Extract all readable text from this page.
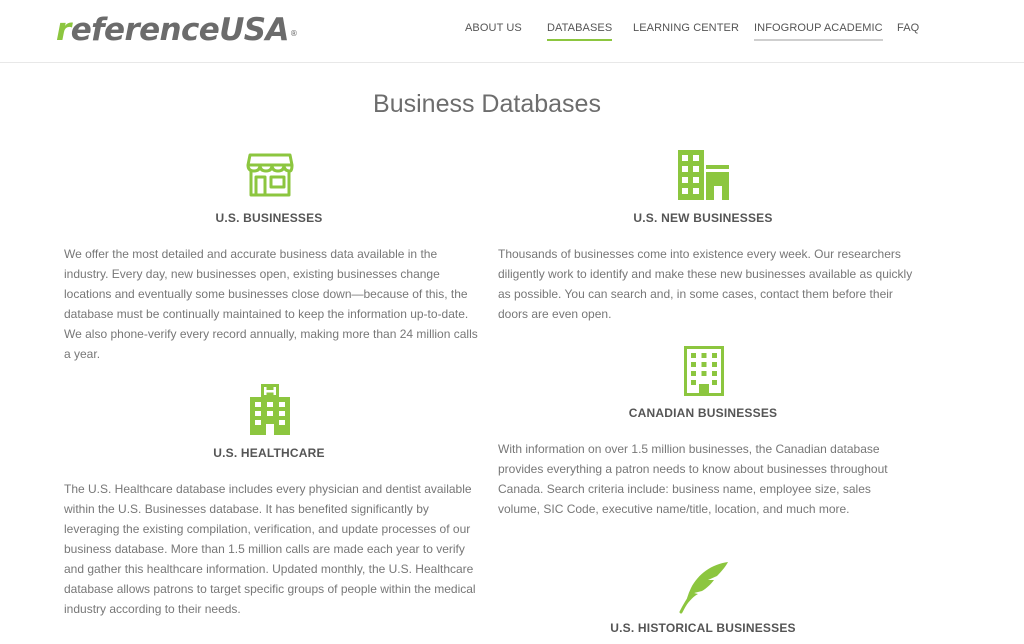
referenceUSA®	ABOUT US DATABASES LEARNING CENTER INFOGROUP ACADEMIC FAQ
Business Databases
U.S. BUSINESSES
We offer the most detailed and accurate business data available in the industry. Every day, new businesses open, existing businesses change locations and eventually some businesses close down—because of this, the database must be continually maintained to keep the information up-to-date. We also phone-verify every record annually, making more than 24 million calls a year.
U.S. NEW BUSINESSES
Thousands of businesses come into existence every week. Our researchers diligently work to identify and make these new businesses available as quickly as possible. You can search and, in some cases, contact them before their doors are even open.
U.S. HEALTHCARE
The U.S. Healthcare database includes every physician and dentist available within the U.S. Businesses database. It has benefited significantly by leveraging the existing compilation, verification, and update processes of our business database. More than 1.5 million calls are made each year to verify and gather this healthcare information. Updated monthly, the U.S. Healthcare database allows patrons to target specific groups of people within the medical industry according to their needs.
CANADIAN BUSINESSES
With information on over 1.5 million businesses, the Canadian database provides everything a patron needs to know about businesses throughout Canada. Search criteria include: business name, employee size, sales volume, SIC Code, executive name/title, location, and much more.
U.S. HISTORICAL BUSINESSES
